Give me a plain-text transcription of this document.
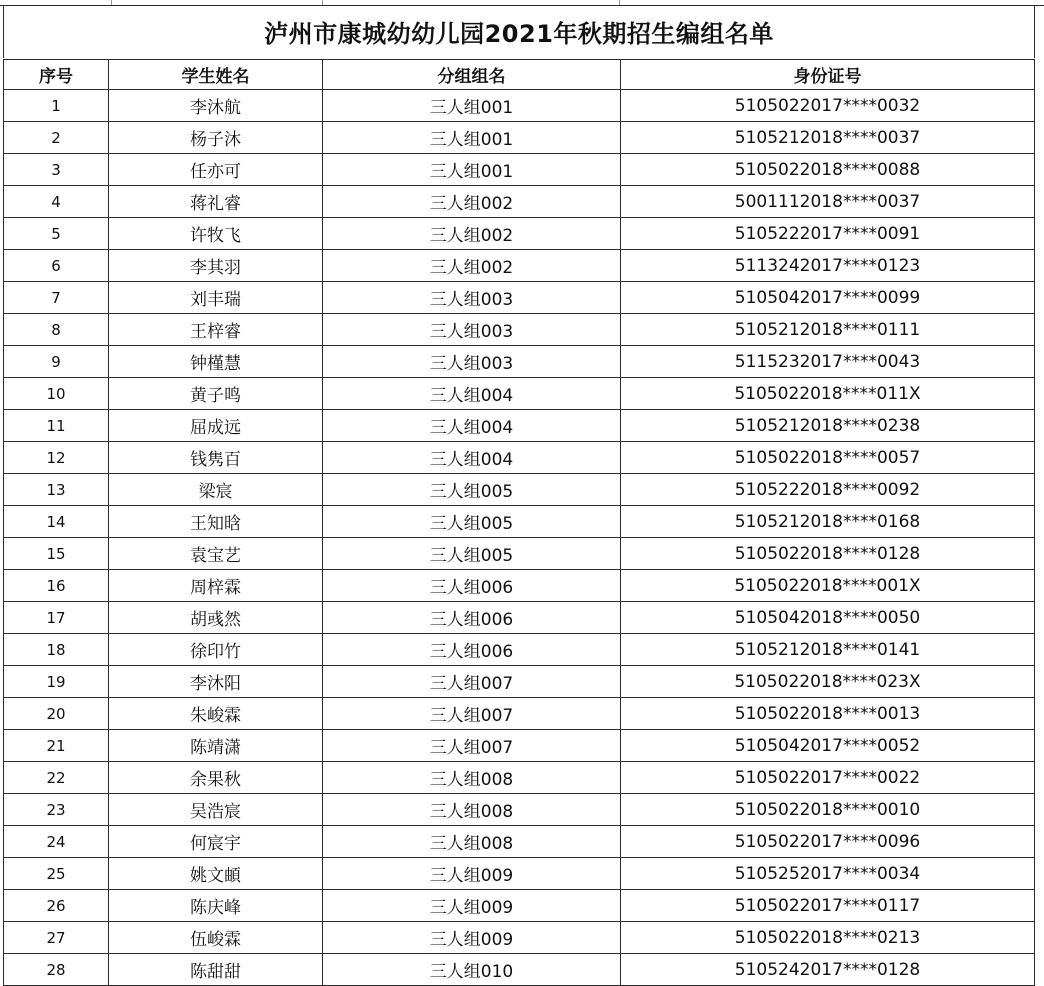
泸州市康城幼幼儿园2021年秋期招生编组名单
序号	学生姓名	分组组名	身份证号
1	李沐航	三人组001	5105022017****0032
2	杨子沐	三人组001	5105212018****0037
3	任亦可	三人组001	5105022018****0088
4	蒋礼睿	三人组002	5001112018****0037
5	许牧飞	三人组002	5105222017****0091
6	李其羽	三人组002	5113242017****0123
7	刘丰瑞	三人组003	5105042017****0099
8	王梓睿	三人组003	5105212018****0111
9	钟槿慧	三人组003	5115232017****0043
10	黄子鸣	三人组004	5105022018****011X
11	屈成远	三人组004	5105212018****0238
12	钱隽百	三人组004	5105022018****0057
13	梁宸	三人组005	5105222018****0092
14	王知晗	三人组005	5105212018****0168
15	袁宝艺	三人组005	5105022018****0128
16	周梓霖	三人组006	5105022018****001X
17	胡彧然	三人组006	5105042018****0050
18	徐印竹	三人组006	5105212018****0141
19	李沐阳	三人组007	5105022018****023X
20	朱峻霖	三人组007	5105022018****0013
21	陈靖潇	三人组007	5105042017****0052
22	余果秋	三人组008	5105022017****0022
23	吴浩宸	三人组008	5105022018****0010
24	何宸宇	三人组008	5105022017****0096
25	姚文頔	三人组009	5105252017****0034
26	陈庆峰	三人组009	5105022017****0117
27	伍峻霖	三人组009	5105022018****0213
28	陈甜甜	三人组010	5105242017****0128
